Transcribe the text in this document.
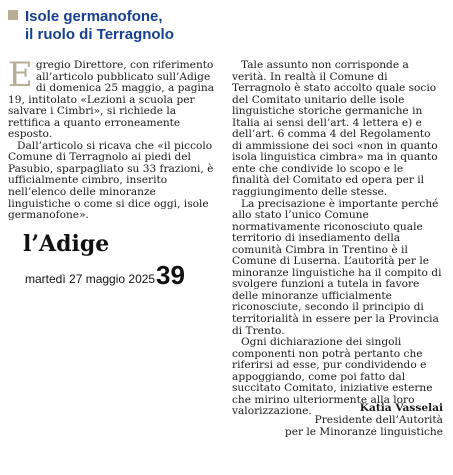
Isole germanofone,
il ruolo di Terragnolo

Egregio Direttore, con riferimento all’articolo pubblicato sull’Adige di domenica 25 maggio, a pagina 19, intitolato «Lezioni a scuola per salvare i Cimbri», si richiede la rettifica a quanto erroneamente esposto.

Dall’articolo si ricava che «il piccolo Comune di Terragnolo ai piedi del Pasubio, sparpagliato su 33 frazioni, è ufficialmente cimbro, inserito nell’elenco delle minoranze linguistiche o come si dice oggi, isole germanofone».

l’Adige
martedì 27 maggio 2025 39

Tale assunto non corrisponde a verità. In realtà il Comune di Terragnolo è stato accolto quale socio del Comitato unitario delle isole linguistiche storiche germaniche in Italia ai sensi dell’art. 4 lettera e) e dell’art. 6 comma 4 del Regolamento di ammissione dei soci «non in quanto isola linguistica cimbra» ma in quanto ente che condivide lo scopo e le finalità del Comitato ed opera per il raggiungimento delle stesse.

La precisazione è importante perché allo stato l’unico Comune normativamente riconosciuto quale territorio di insediamento della comunità Cimbra in Trentino è il Comune di Luserna. L’autorità per le minoranze linguistiche ha il compito di svolgere funzioni a tutela in favore delle minoranze ufficialmente riconosciute, secondo il principio di territorialità in essere per la Provincia di Trento.

Ogni dichiarazione dei singoli componenti non potrà pertanto che riferirsi ad esse, pur condividendo e appoggiando, come poi fatto dal succitato Comitato, iniziative esterne che mirino ulteriormente alla loro valorizzazione.	Katia Vasselai
Presidente dell’Autorità
per le Minoranze linguistiche
